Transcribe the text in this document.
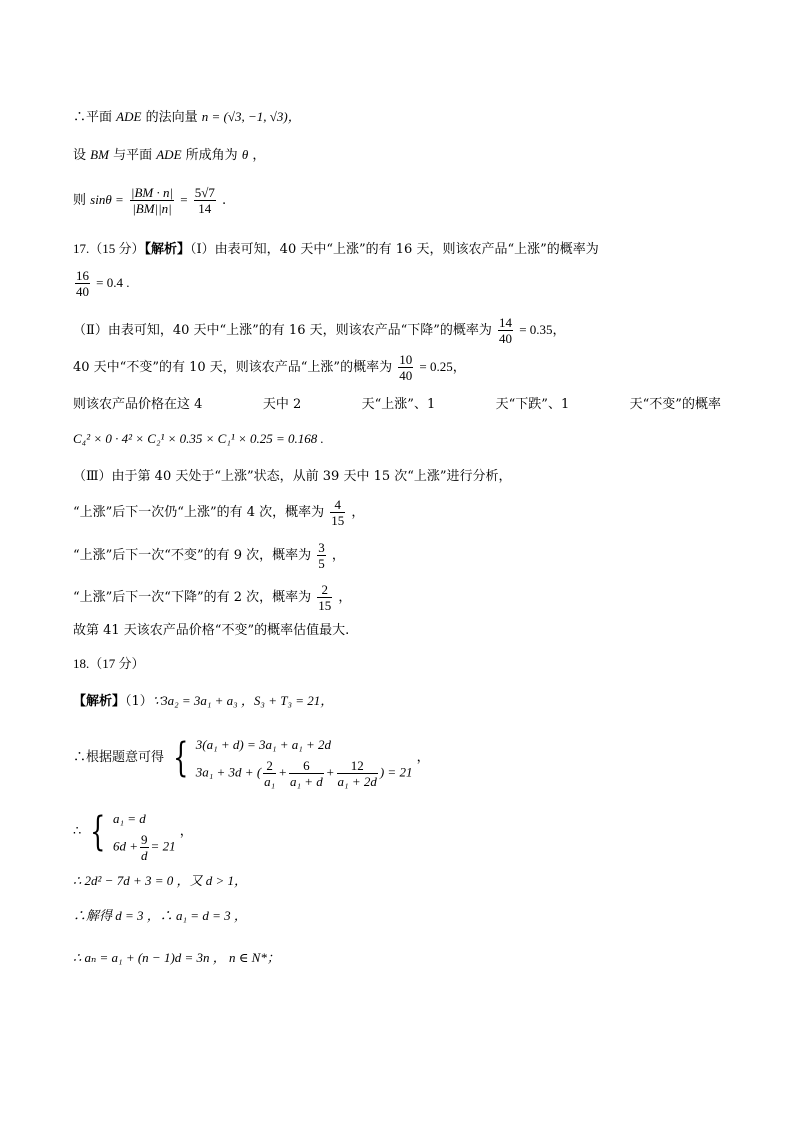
∴平面 ADE 的法向量 n = (√3, −1, √3)，
设 BM 与平面 ADE 所成角为 θ ，
则 $\sin\theta = \frac{|BM \cdot n|}{|BM||n|} = \frac{5√7}{14}$ .
17.（15 分）【解析】（Ⅰ）由表可知，40 天中“上涨”的有 16 天，则该农产品“上涨”的概率为
$\frac{16}{40} = 0.4$ .
（Ⅱ）由表可知，40 天中“上涨”的有 16 天，则该农产品“下降”的概率为 $\frac{14}{40} = 0.35$，
40 天中“不变”的有 10 天，则该农产品“上涨”的概率为 $\frac{10}{40} = 0.25$，
则该农产品价格在这 4	天中 2	天“上涨”、1	天“下跌”、1	天“不变”的概率
C₄² × 0 · 4² × C₂¹ × 0.35 × C₁¹ × 0.25 = 0.168 .
（Ⅲ）由于第 40 天处于“上涨”状态，从前 39 天中 15 次“上涨”进行分析，
“上涨”后下一次仍“上涨”的有 4 次，概率为 $\frac{4}{15}$ ，
“上涨”后下一次“不变”的有 9 次，概率为 $\frac{3}{5}$ ，
“上涨”后下一次“下降”的有 2 次，概率为 $\frac{2}{15}$ ，
故第 41 天该农产品价格“不变”的概率估值最大.
18.（17 分）
【解析】（1）∵3a₂ = 3a₁ + a₃ ，S₃ + T₃ = 21，
∴根据题意可得 { 3(a₁ + d) = 3a₁ + a₁ + 2d
3a₁ + 3d + ( $\frac{2}{\text{a₁}} + \frac{6}{\text{a₁ + d}} + \frac{12}{\text{a₁ + 2d}}$ ) = 21
，
∴ { a₁ = d
$6d + \frac{9}{d} = 21$
，
∴ 2d² − 7d + 3 = 0 ，又 d > 1，
∴解得 d = 3 ，∴ a₁ = d = 3 ，
∴ aₙ = a₁ + (n − 1)d = 3n ， n ∈ N*；
